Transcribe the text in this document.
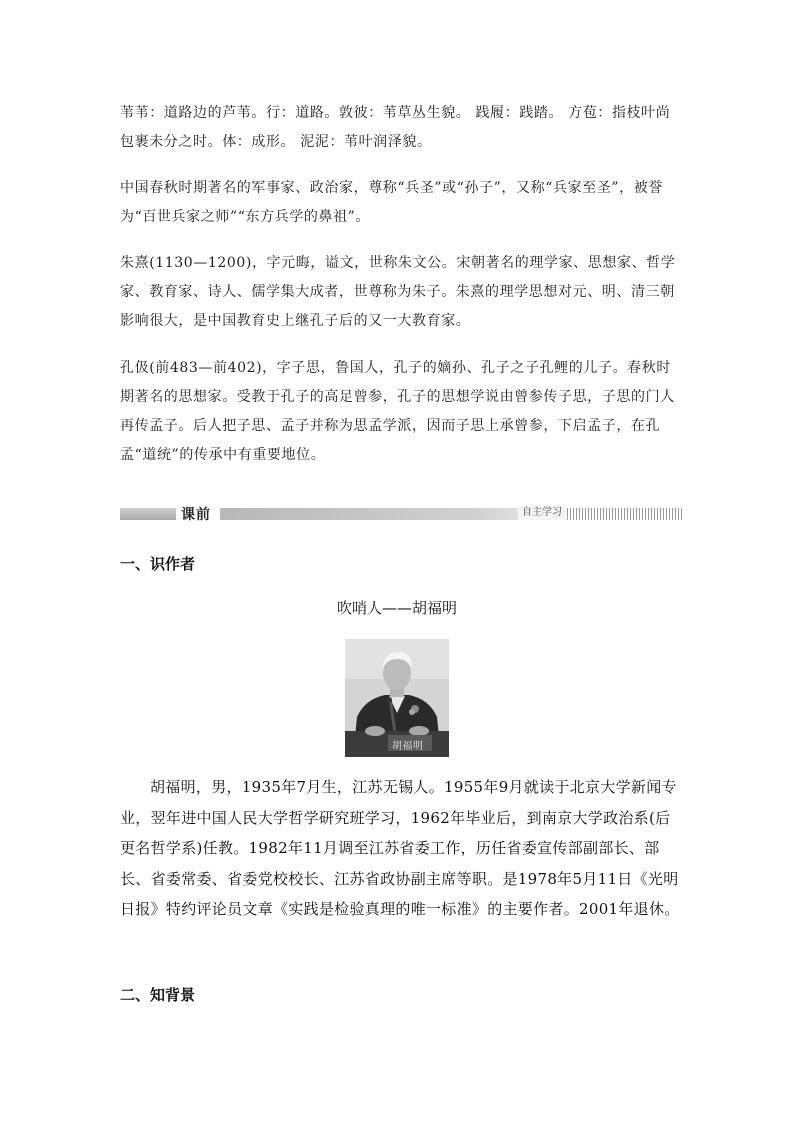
苇苇：道路边的芦苇。行：道路。敦彼：苇草丛生貌。 践履：践踏。 方苞：指枝叶尚包裹未分之时。体：成形。 泥泥：苇叶润泽貌。

中国春秋时期著名的军事家、政治家，尊称“兵圣”或“孙子”，又称“兵家至圣”，被誉为“百世兵家之师”“东方兵学的鼻祖”。

朱熹(1130—1200)，字元晦，谥文，世称朱文公。宋朝著名的理学家、思想家、哲学家、教育家、诗人、儒学集大成者，世尊称为朱子。朱熹的理学思想对元、明、清三朝影响很大，是中国教育史上继孔子后的又一大教育家。

孔伋(前483—前402)，字子思，鲁国人，孔子的嫡孙、孔子之子孔鲤的儿子。春秋时期著名的思想家。受教于孔子的高足曾参，孔子的思想学说由曾参传子思，子思的门人再传孟子。后人把子思、孟子并称为思孟学派，因而子思上承曾参，下启孟子，在孔孟“道统”的传承中有重要地位。

课前	自主学习
一、识作者
吹哨人——胡福明
胡福明

胡福明，男，1935年7月生，江苏无锡人。1955年9月就读于北京大学新闻专业，翌年进中国人民大学哲学研究班学习，1962年毕业后，到南京大学政治系(后更名哲学系)任教。1982年11月调至江苏省委工作，历任省委宣传部副部长、部长、省委常委、省委党校校长、江苏省政协副主席等职。是1978年5月11日《光明日报》特约评论员文章《实践是检验真理的唯一标准》的主要作者。2001年退休。

二、知背景
